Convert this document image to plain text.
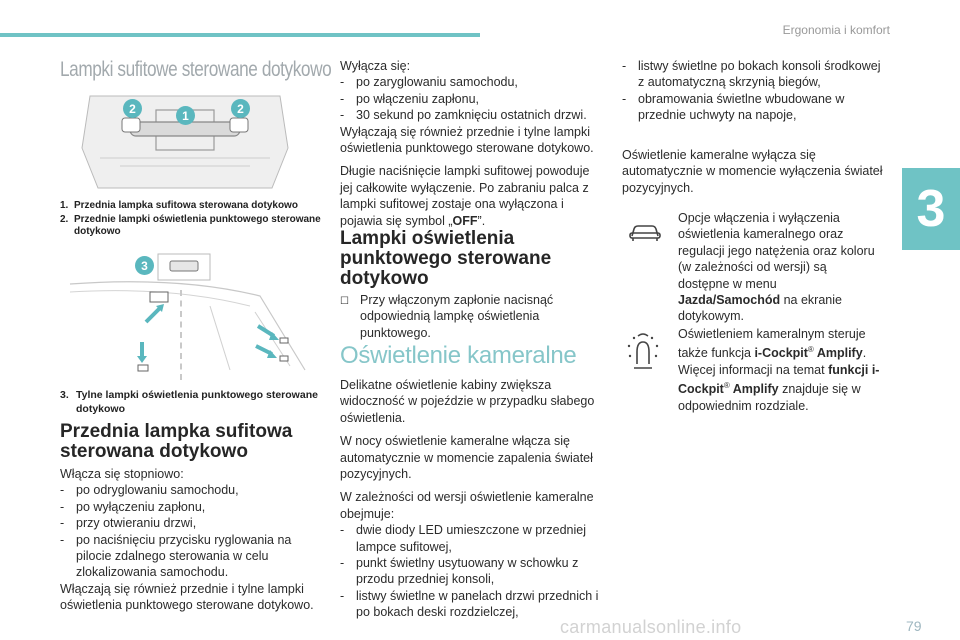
Ergonomia i komfort
3
carmanualsonline.info	79
Lampki sufitowe sterowane dotykowo
2	1	2
1. Przednia lampka sufitowa sterowana dotykowo
2. Przednie lampki oświetlenia punktowego sterowane dotykowo
3
3. Tylne lampki oświetlenia punktowego sterowane dotykowo
Przednia lampka sufitowa sterowana dotykowo
Włącza się stopniowo:
- po odryglowaniu samochodu,
- po wyłączeniu zapłonu,
- przy otwieraniu drzwi,
- po naciśnięciu przycisku ryglowania na pilocie zdalnego sterowania w celu zlokalizowania samochodu.
Włączają się również przednie i tylne lampki oświetlenia punktowego sterowane dotykowo.
Wyłącza się:
- po zaryglowaniu samochodu,
- po włączeniu zapłonu,
- 30 sekund po zamknięciu ostatnich drzwi.

Wyłączają się również przednie i tylne lampki oświetlenia punktowego sterowane dotykowo.

Długie naciśnięcie lampki sufitowej powoduje jej całkowite wyłączenie. Po zabraniu palca z lampki sufitowej zostaje ona wyłączona i pojawia się symbol „OFF”.

Lampki oświetlenia punktowego sterowane dotykowo
☐ Przy włączonym zapłonie nacisnąć odpowiednią lampkę oświetlenia punktowego.
Oświetlenie kameralne

Delikatne oświetlenie kabiny zwiększa widoczność w pojeździe w przypadku słabego oświetlenia.

W nocy oświetlenie kameralne włącza się automatycznie w momencie zapalenia świateł pozycyjnych.

W zależności od wersji oświetlenie kameralne obejmuje:
- dwie diody LED umieszczone w przedniej lampce sufitowej,
- punkt świetlny usytuowany w schowku z przodu przedniej konsoli,
- listwy świetlne w panelach drzwi przednich i po bokach deski rozdzielczej,
- listwy świetlne po bokach konsoli środkowej z automatyczną skrzynią biegów,
- obramowania świetlne wbudowane w przednie uchwyty na napoje,
Oświetlenie kameralne wyłącza się automatycznie w momencie wyłączenia świateł pozycyjnych.
Opcje włączenia i wyłączenia oświetlenia kameralnego oraz regulacji jego natężenia oraz koloru (w zależności od wersji) są dostępne w menu Jazda/Samochód na ekranie dotykowym.
Oświetleniem kameralnym steruje także funkcja i-Cockpit® Amplify. Więcej informacji na temat funkcji i-Cockpit® Amplify znajduje się w odpowiednim rozdziale.
